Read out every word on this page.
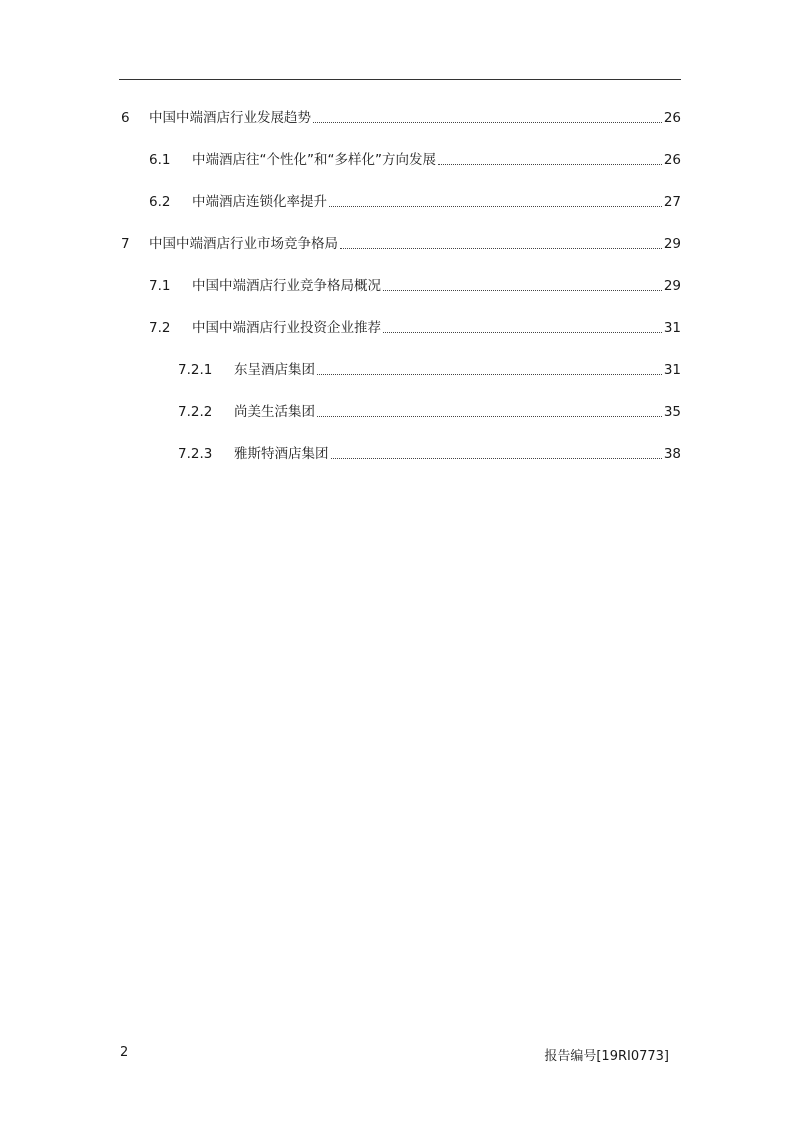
6	中国中端酒店行业发展趋势	26
6.1	中端酒店往“个性化”和“多样化”方向发展	26
6.2	中端酒店连锁化率提升	27
7	中国中端酒店行业市场竞争格局	29
7.1	中国中端酒店行业竞争格局概况	29
7.2	中国中端酒店行业投资企业推荐	31
7.2.1	东呈酒店集团	31
7.2.2	尚美生活集团	35
7.2.3	雅斯特酒店集团	38
2	报告编号[19RI0773]
